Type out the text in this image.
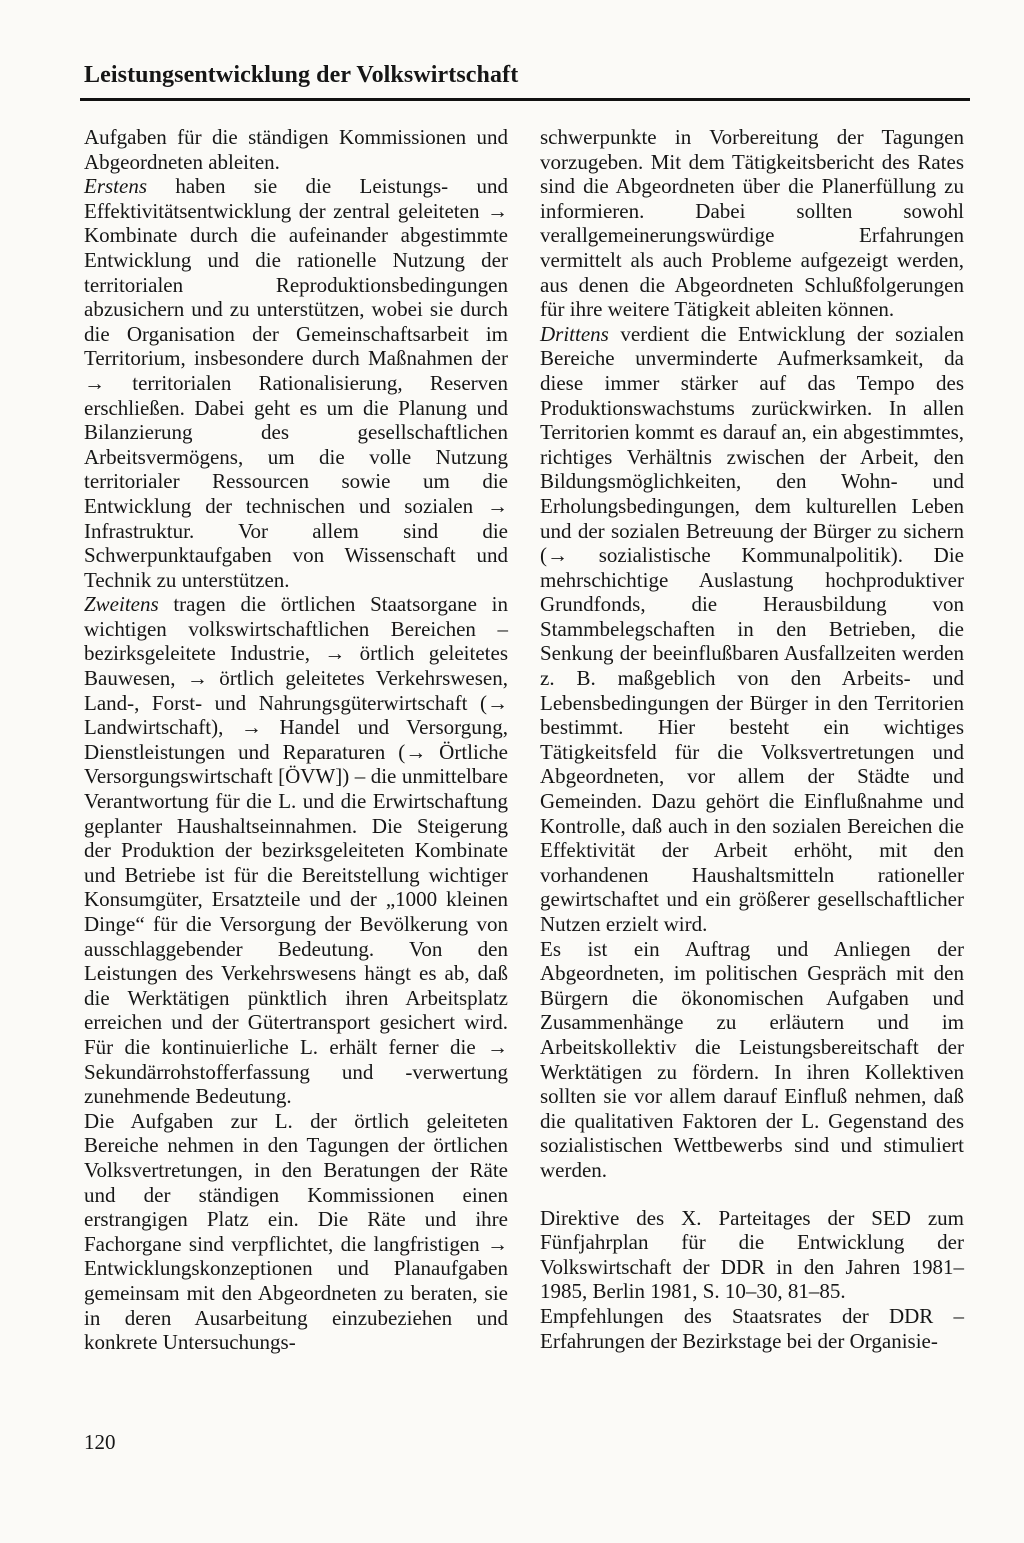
Leistungsentwicklung der Volkswirtschaft

Aufgaben für die ständigen Kommissionen und Abgeordneten ableiten.

Erstens haben sie die Leistungs- und Effektivitätsentwicklung der zentral geleiteten → Kombinate durch die aufeinander abgestimmte Entwicklung und die rationelle Nutzung der territorialen Reproduktionsbedingungen abzusichern und zu unterstützen, wobei sie durch die Organisation der Gemeinschaftsarbeit im Territorium, insbesondere durch Maßnahmen der → territorialen Rationalisierung, Reserven erschließen. Dabei geht es um die Planung und Bilanzierung des gesellschaftlichen Arbeitsvermögens, um die volle Nutzung territorialer Ressourcen sowie um die Entwicklung der technischen und sozialen → Infrastruktur. Vor allem sind die Schwerpunktaufgaben von Wissenschaft und Technik zu unterstützen.

Zweitens tragen die örtlichen Staatsorgane in wichtigen volkswirtschaftlichen Bereichen – bezirksgeleitete Industrie, → örtlich geleitetes Bauwesen, → örtlich geleitetes Verkehrswesen, Land-, Forst- und Nahrungsgüterwirtschaft (→ Landwirtschaft), → Handel und Versorgung, Dienstleistungen und Reparaturen (→ Örtliche Versorgungswirtschaft [ÖVW]) – die unmittelbare Verantwortung für die L. und die Erwirtschaftung geplanter Haushaltseinnahmen. Die Steigerung der Produktion der bezirksgeleiteten Kombinate und Betriebe ist für die Bereitstellung wichtiger Konsumgüter, Ersatzteile und der „1000 kleinen Dinge“ für die Versorgung der Bevölkerung von ausschlaggebender Bedeutung. Von den Leistungen des Verkehrswesens hängt es ab, daß die Werktätigen pünktlich ihren Arbeitsplatz erreichen und der Gütertransport gesichert wird. Für die kontinuierliche L. erhält ferner die → Sekundärrohstofferfassung und -verwertung zunehmende Bedeutung.

Die Aufgaben zur L. der örtlich geleiteten Bereiche nehmen in den Tagungen der örtlichen Volksvertretungen, in den Beratungen der Räte und der ständigen Kommissionen einen erstrangigen Platz ein. Die Räte und ihre Fachorgane sind verpflichtet, die langfristigen → Entwicklungskonzeptionen und Planaufgaben gemeinsam mit den Abgeordneten zu beraten, sie in deren Ausarbeitung einzubeziehen und konkrete Untersuchungs-

schwerpunkte in Vorbereitung der Tagungen vorzugeben. Mit dem Tätigkeitsbericht des Rates sind die Abgeordneten über die Planerfüllung zu informieren. Dabei sollten sowohl verallgemeinerungswürdige Erfahrungen vermittelt als auch Probleme aufgezeigt werden, aus denen die Abgeordneten Schlußfolgerungen für ihre weitere Tätigkeit ableiten können.

Drittens verdient die Entwicklung der sozialen Bereiche unverminderte Aufmerksamkeit, da diese immer stärker auf das Tempo des Produktionswachstums zurückwirken. In allen Territorien kommt es darauf an, ein abgestimmtes, richtiges Verhältnis zwischen der Arbeit, den Bildungsmöglichkeiten, den Wohn- und Erholungsbedingungen, dem kulturellen Leben und der sozialen Betreuung der Bürger zu sichern (→ sozialistische Kommunalpolitik). Die mehrschichtige Auslastung hochproduktiver Grundfonds, die Herausbildung von Stammbelegschaften in den Betrieben, die Senkung der beeinflußbaren Ausfallzeiten werden z. B. maßgeblich von den Arbeits- und Lebensbedingungen der Bürger in den Territorien bestimmt. Hier besteht ein wichtiges Tätigkeitsfeld für die Volksvertretungen und Abgeordneten, vor allem der Städte und Gemeinden. Dazu gehört die Einflußnahme und Kontrolle, daß auch in den sozialen Bereichen die Effektivität der Arbeit erhöht, mit den vorhandenen Haushaltsmitteln rationeller gewirtschaftet und ein größerer gesellschaftlicher Nutzen erzielt wird.

Es ist ein Auftrag und Anliegen der Abgeordneten, im politischen Gespräch mit den Bürgern die ökonomischen Aufgaben und Zusammenhänge zu erläutern und im Arbeitskollektiv die Leistungsbereitschaft der Werktätigen zu fördern. In ihren Kollektiven sollten sie vor allem darauf Einfluß nehmen, daß die qualitativen Faktoren der L. Gegenstand des sozialistischen Wettbewerbs sind und stimuliert werden.

Direktive des X. Parteitages der SED zum Fünfjahrplan für die Entwicklung der Volkswirtschaft der DDR in den Jahren 1981–1985, Berlin 1981, S. 10–30, 81–85.

Empfehlungen des Staatsrates der DDR – Erfahrungen der Bezirkstage bei der Organisie-

120
